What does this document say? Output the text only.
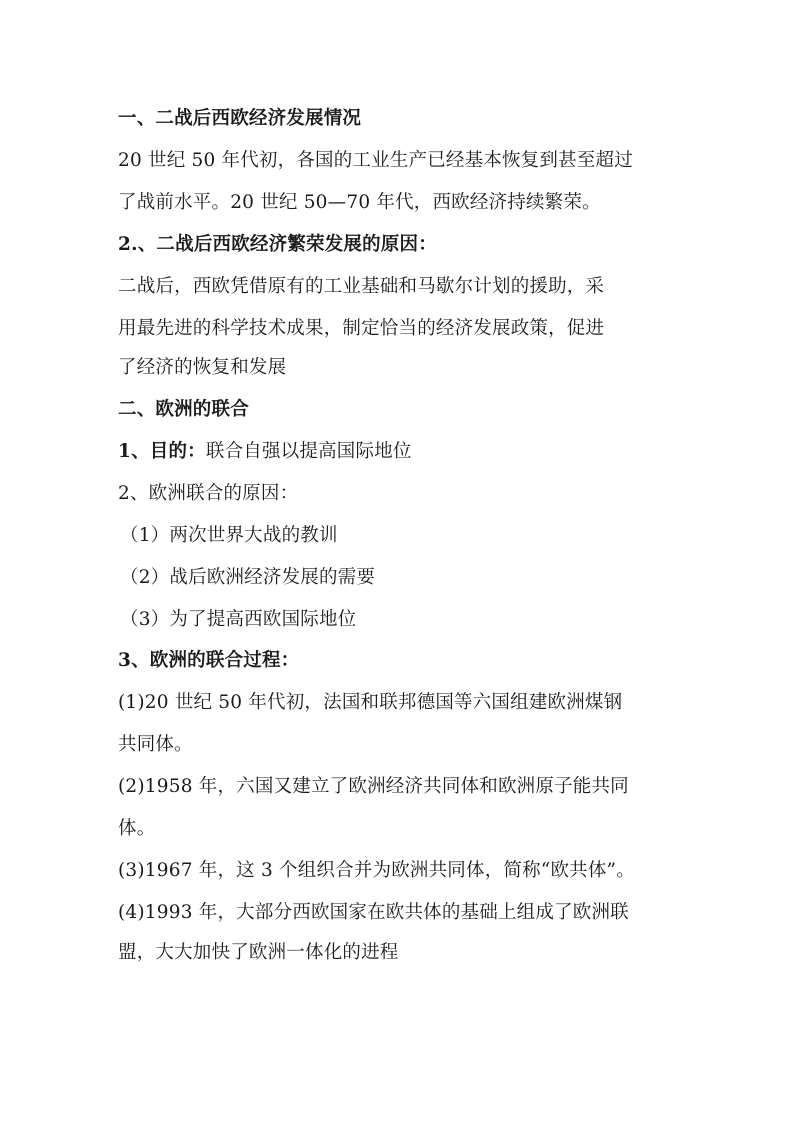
一、二战后西欧经济发展情况
20 世纪 50 年代初，各国的工业生产已经基本恢复到甚至超过
了战前水平。20 世纪 50—70 年代，西欧经济持续繁荣。
2.、二战后西欧经济繁荣发展的原因：
二战后，西欧凭借原有的工业基础和马歇尔计划的援助，采
用最先进的科学技术成果，制定恰当的经济发展政策，促进
了经济的恢复和发展
二、欧洲的联合
1、目的：联合自强以提高国际地位
2、欧洲联合的原因：
（1）两次世界大战的教训
（2）战后欧洲经济发展的需要
（3）为了提高西欧国际地位
3、欧洲的联合过程：
(1)20 世纪 50 年代初，法国和联邦德国等六国组建欧洲煤钢
共同体。
(2)1958 年，六国又建立了欧洲经济共同体和欧洲原子能共同
体。
(3)1967 年，这 3 个组织合并为欧洲共同体，简称“欧共体”。
(4)1993 年，大部分西欧国家在欧共体的基础上组成了欧洲联
盟，大大加快了欧洲一体化的进程
